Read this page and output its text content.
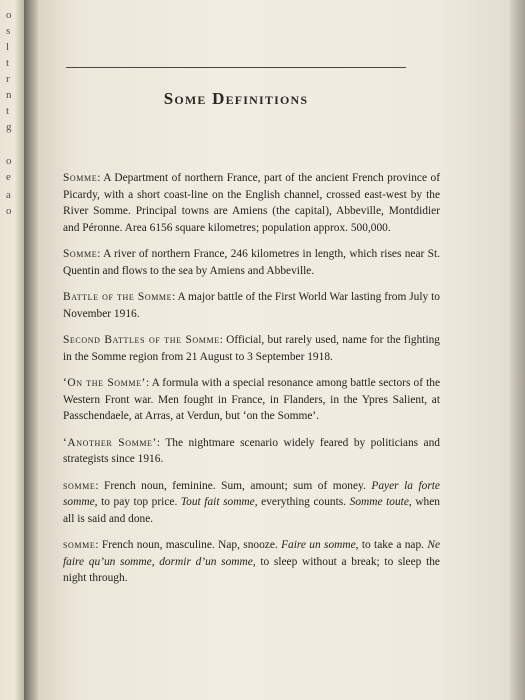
o
s
l
t
r
n
t
g
o
e
a
o
Some Definitions

Somme: A Department of northern France, part of the ancient French province of Picardy, with a short coast-line on the English channel, crossed east-west by the River Somme. Principal towns are Amiens (the capital), Abbeville, Montdidier and Péronne. Area 6156 square kilometres; population approx. 500,000.

Somme: A river of northern France, 246 kilometres in length, which rises near St. Quentin and flows to the sea by Amiens and Abbeville.

Battle of the Somme: A major battle of the First World War lasting from July to November 1916.

Second Battles of the Somme: Official, but rarely used, name for the fighting in the Somme region from 21 August to 3 September 1918.

‘On the Somme’: A formula with a special resonance among battle sectors of the Western Front war. Men fought in France, in Flanders, in the Ypres Salient, at Passchendaele, at Arras, at Verdun, but ‘on the Somme’.

‘Another Somme’: The nightmare scenario widely feared by politicians and strategists since 1916.

somme: French noun, feminine. Sum, amount; sum of money. Payer la forte somme, to pay top price. Tout fait somme, everything counts. Somme toute, when all is said and done.

somme: French noun, masculine. Nap, snooze. Faire un somme, to take a nap. Ne faire qu’un somme, dormir d’un somme, to sleep without a break; to sleep the night through.
